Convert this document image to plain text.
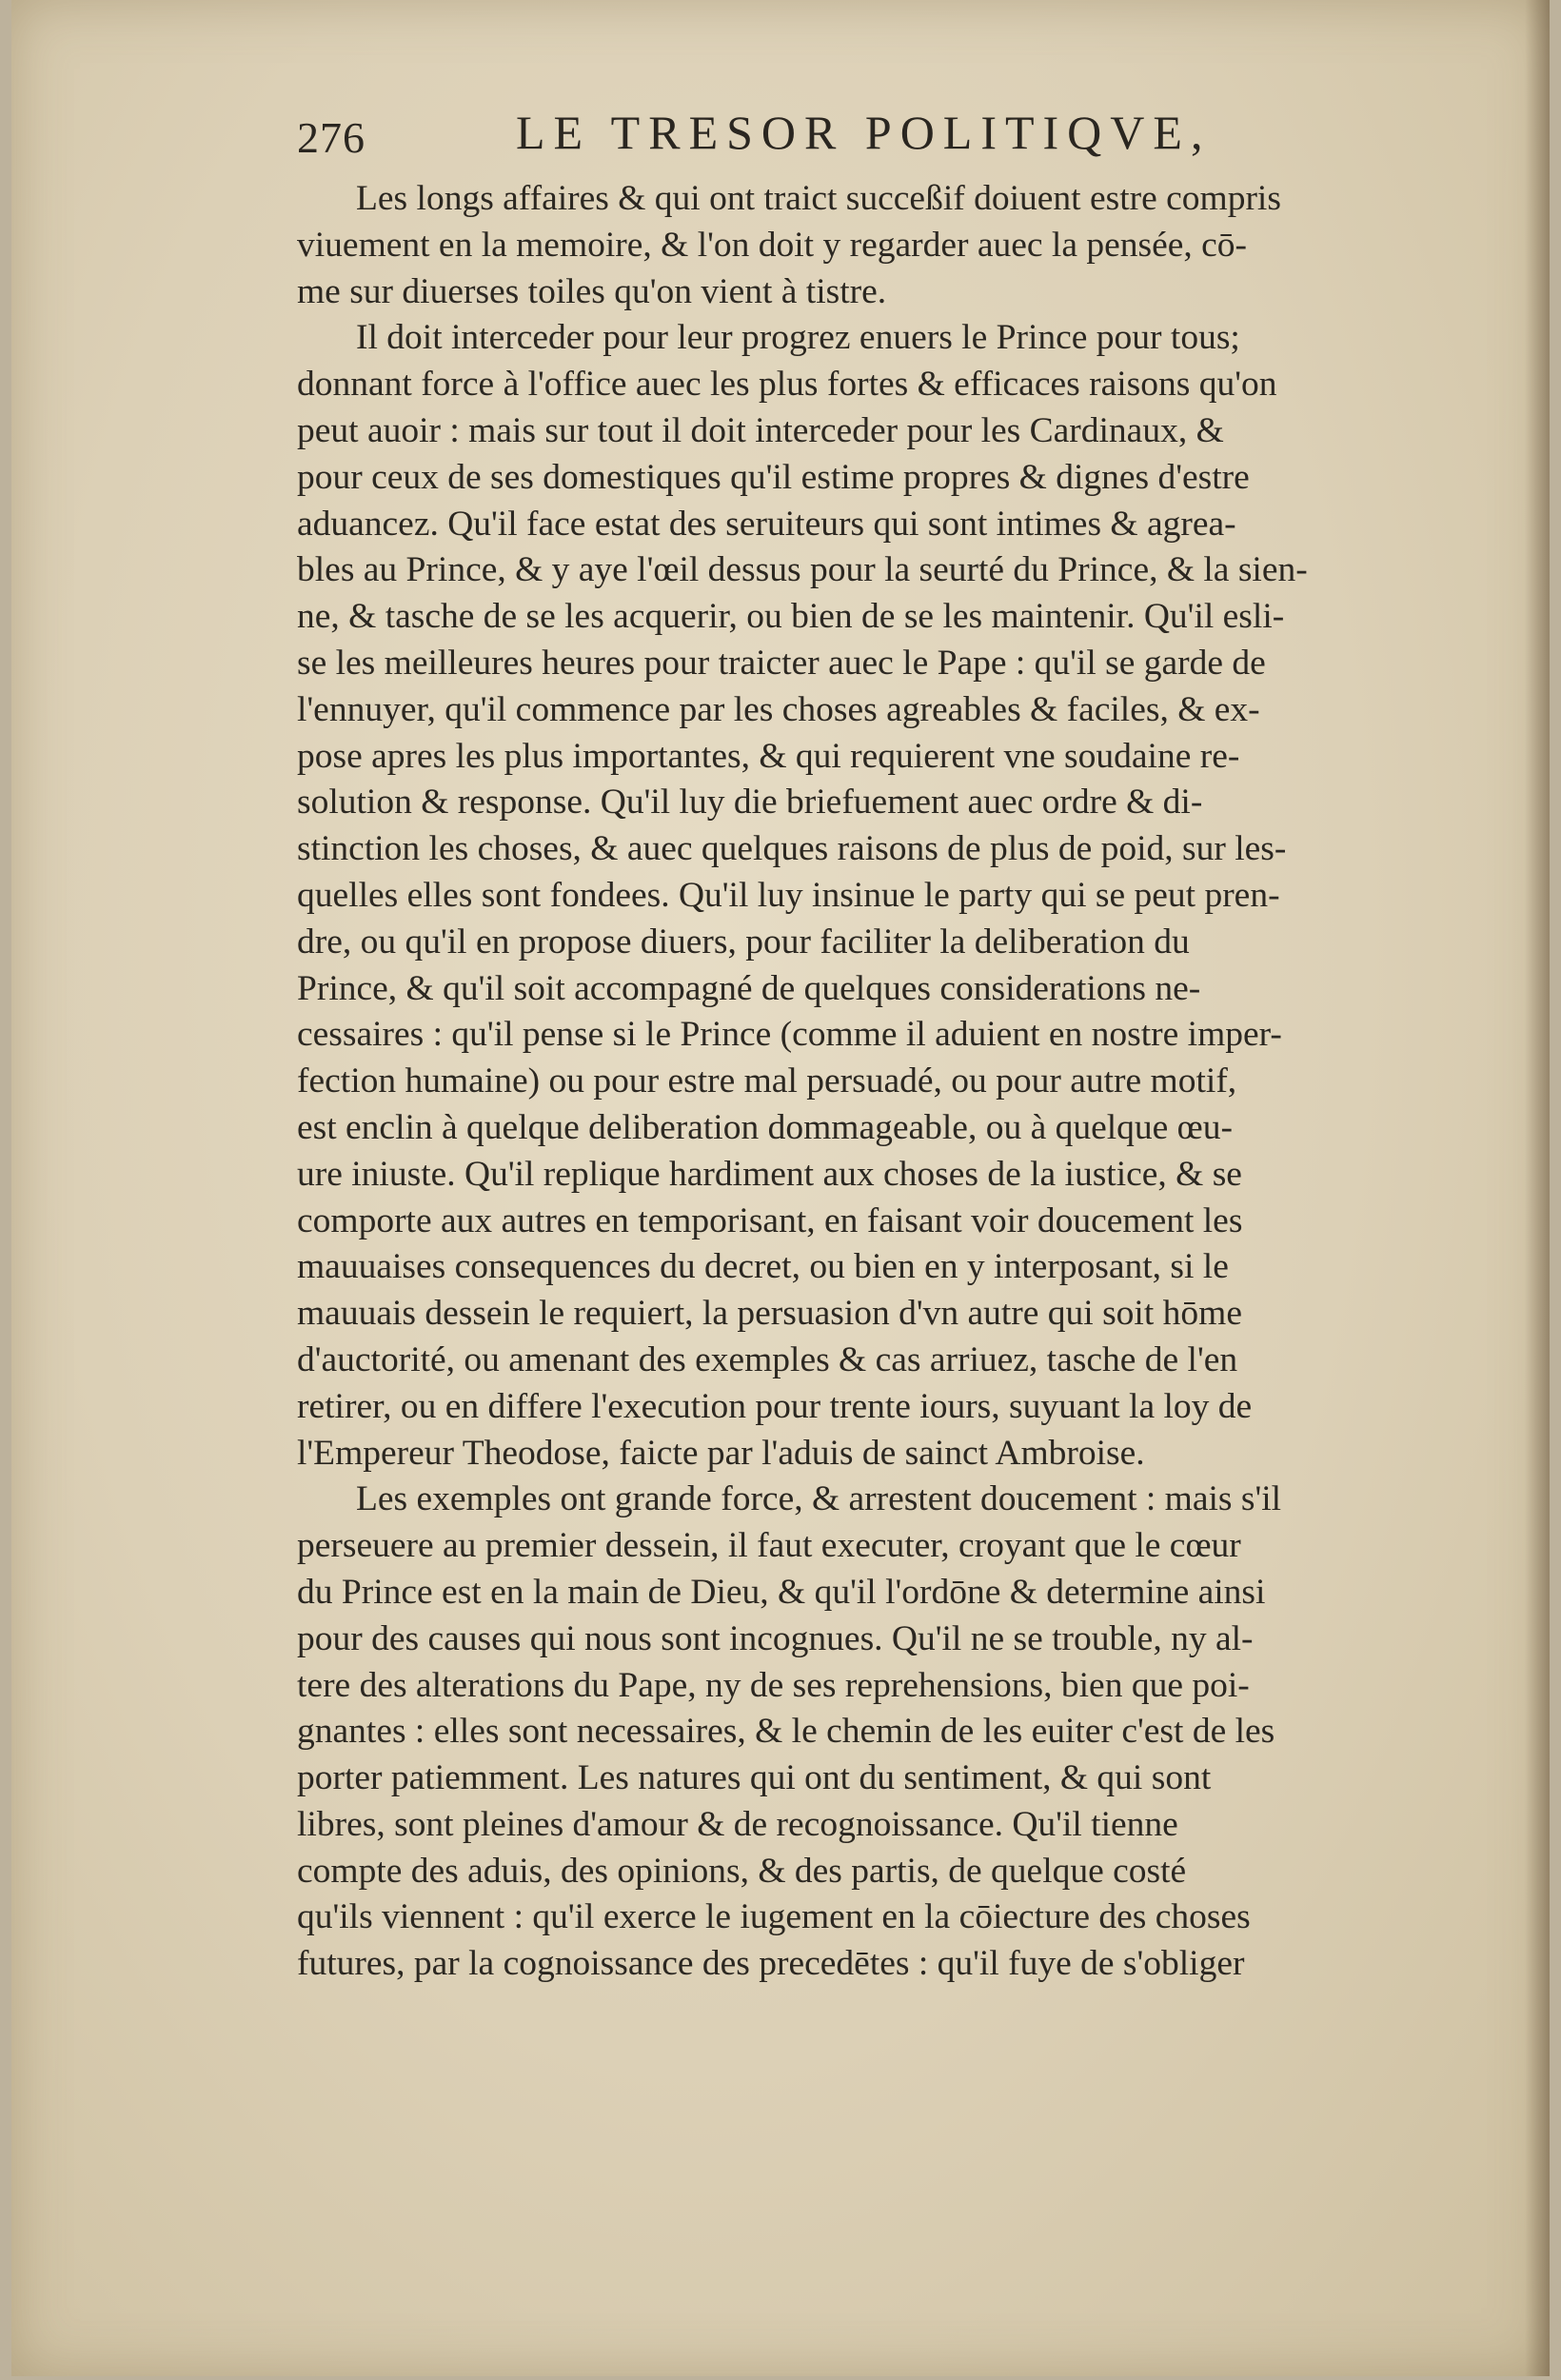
276	LE TRESOR POLITIQVE,
Les longs affaires & qui ont traict succeßif doiuent estre compris
viuement en la memoire, & l'on doit y regarder auec la pensée, cō-
me sur diuerses toiles qu'on vient à tistre.
Il doit interceder pour leur progrez enuers le Prince pour tous;
donnant force à l'office auec les plus fortes & efficaces raisons qu'on
peut auoir : mais sur tout il doit interceder pour les Cardinaux, &
pour ceux de ses domestiques qu'il estime propres & dignes d'estre
aduancez. Qu'il face estat des seruiteurs qui sont intimes & agrea-
bles au Prince, & y aye l'œil dessus pour la seurté du Prince, & la sien-
ne, & tasche de se les acquerir, ou bien de se les maintenir. Qu'il esli-
se les meilleures heures pour traicter auec le Pape : qu'il se garde de
l'ennuyer, qu'il commence par les choses agreables & faciles, & ex-
pose apres les plus importantes, & qui requierent vne soudaine re-
solution & response. Qu'il luy die briefuement auec ordre & di-
stinction les choses, & auec quelques raisons de plus de poid, sur les-
quelles elles sont fondees. Qu'il luy insinue le party qui se peut pren-
dre, ou qu'il en propose diuers, pour faciliter la deliberation du
Prince, & qu'il soit accompagné de quelques considerations ne-
cessaires : qu'il pense si le Prince (comme il aduient en nostre imper-
fection humaine) ou pour estre mal persuadé, ou pour autre motif,
est enclin à quelque deliberation dommageable, ou à quelque œu-
ure iniuste. Qu'il replique hardiment aux choses de la iustice, & se
comporte aux autres en temporisant, en faisant voir doucement les
mauuaises consequences du decret, ou bien en y interposant, si le
mauuais dessein le requiert, la persuasion d'vn autre qui soit hōme
d'auctorité, ou amenant des exemples & cas arriuez, tasche de l'en
retirer, ou en differe l'execution pour trente iours, suyuant la loy de
l'Empereur Theodose, faicte par l'aduis de sainct Ambroise.
Les exemples ont grande force, & arrestent doucement : mais s'il
perseuere au premier dessein, il faut executer, croyant que le cœur
du Prince est en la main de Dieu, & qu'il l'ordōne & determine ainsi
pour des causes qui nous sont incognues. Qu'il ne se trouble, ny al-
tere des alterations du Pape, ny de ses reprehensions, bien que poi-
gnantes : elles sont necessaires, & le chemin de les euiter c'est de les
porter patiemment. Les natures qui ont du sentiment, & qui sont
libres, sont pleines d'amour & de recognoissance. Qu'il tienne
compte des aduis, des opinions, & des partis, de quelque costé
qu'ils viennent : qu'il exerce le iugement en la cōiecture des choses
futures, par la cognoissance des precedētes : qu'il fuye de s'obliger
